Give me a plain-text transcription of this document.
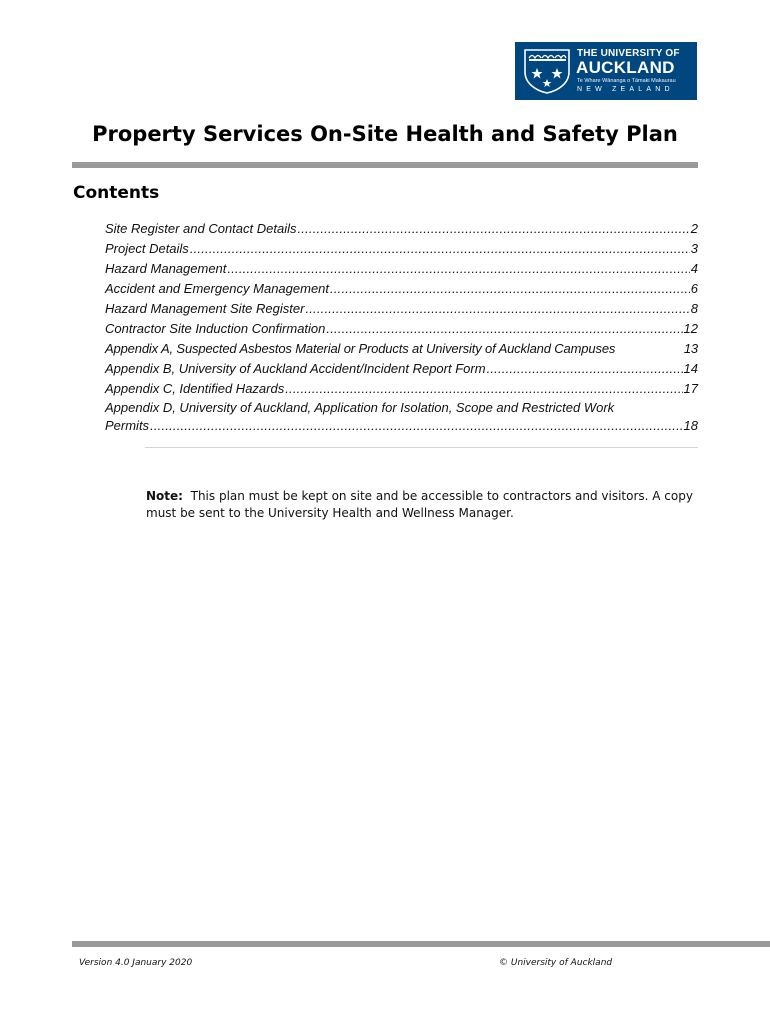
THE UNIVERSITY OF
AUCKLAND
Te Whare Wānanga o Tāmaki Makaurau
NEW ZEALAND
Property Services On-Site Health and Safety Plan
Contents
Site Register and Contact Details .....	2
Project Details .....	3
Hazard Management .....	4
Accident and Emergency Management .....	6
Hazard Management Site Register .....	8
Contractor Site Induction Confirmation .....	12
Appendix A, Suspected Asbestos Material or Products at University of Auckland Campuses	13
Appendix B, University of Auckland Accident/Incident Report Form .....	14
Appendix C, Identified Hazards .....	17
Appendix D, University of Auckland, Application for Isolation, Scope and Restricted Work
Permits .....	18
Note: This plan must be kept on site and be accessible to contractors and visitors. A copy must be sent to the University Health and Wellness Manager.
Version 4.0 January 2020	© University of Auckland
